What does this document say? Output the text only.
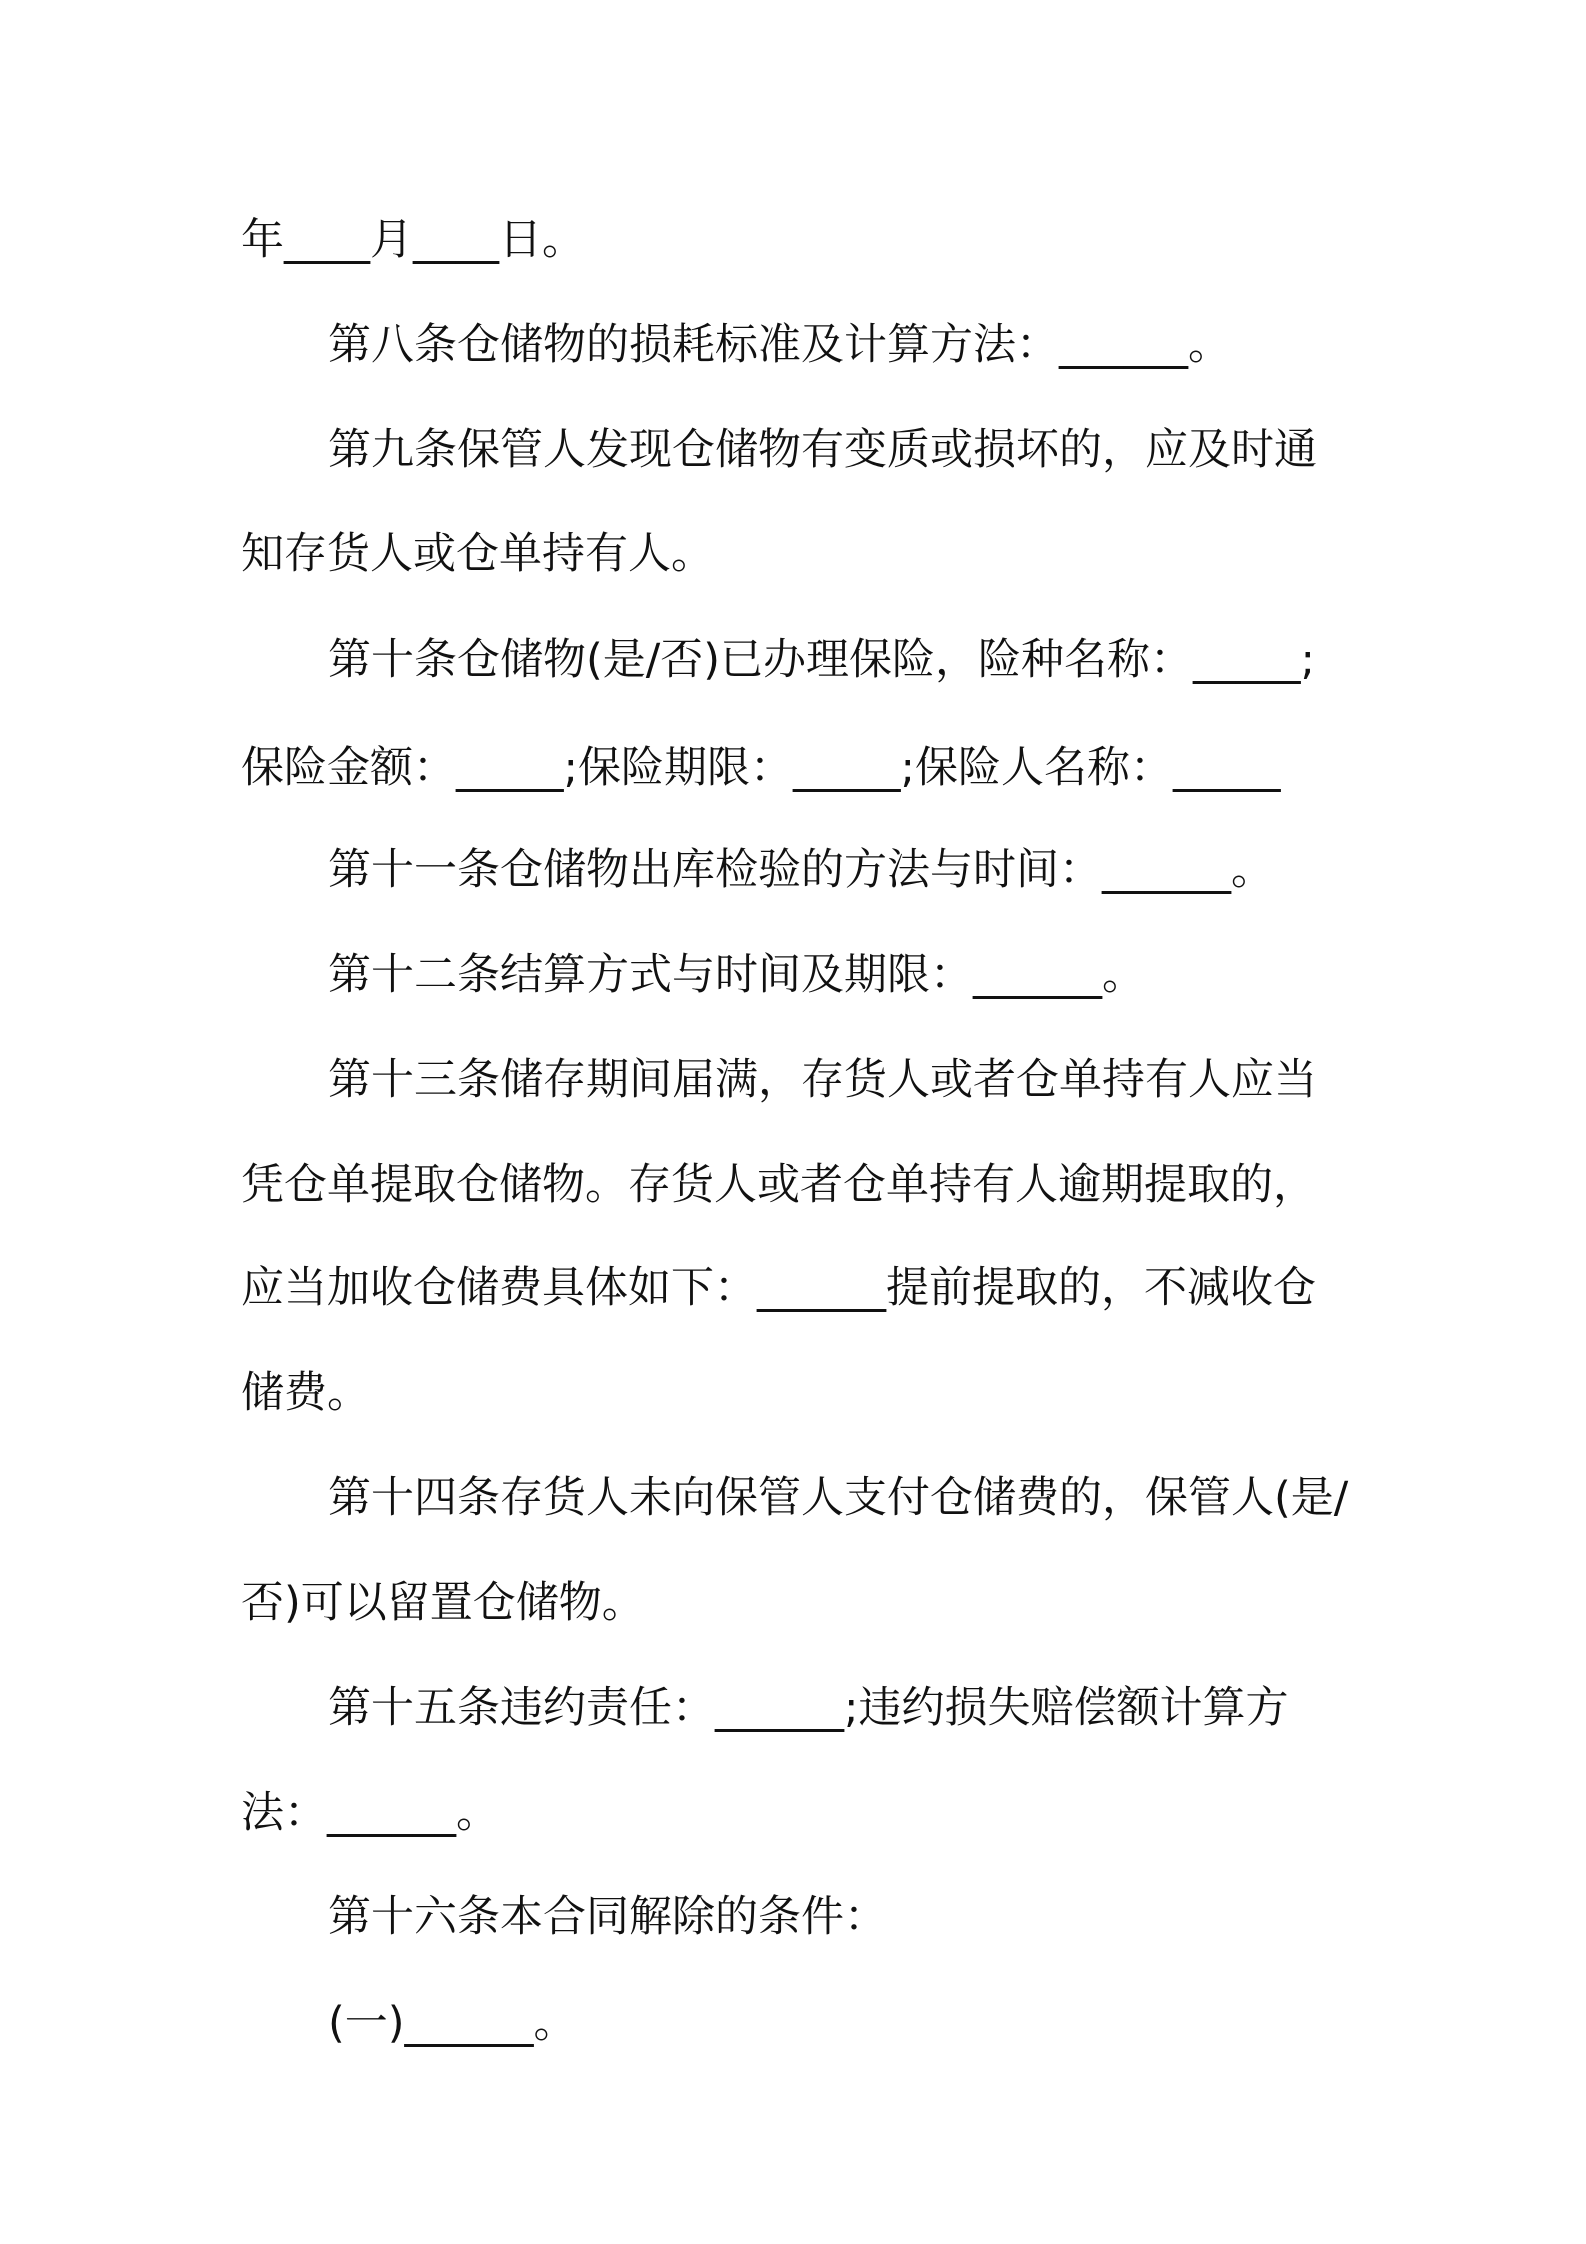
年____月____日。

第八条仓储物的损耗标准及计算方法：______。

第九条保管人发现仓储物有变质或损坏的，应及时通

知存货人或仓单持有人。

第十条仓储物(是/否)已办理保险，险种名称：_____;

保险金额：_____;保险期限：_____;保险人名称：_____

第十一条仓储物出库检验的方法与时间：______。

第十二条结算方式与时间及期限：______。

第十三条储存期间届满，存货人或者仓单持有人应当

凭仓单提取仓储物。存货人或者仓单持有人逾期提取的，

应当加收仓储费具体如下：______提前提取的，不减收仓

储费。

第十四条存货人未向保管人支付仓储费的，保管人(是/

否)可以留置仓储物。

第十五条违约责任：______;违约损失赔偿额计算方

法：______。

第十六条本合同解除的条件：

(一)______。
